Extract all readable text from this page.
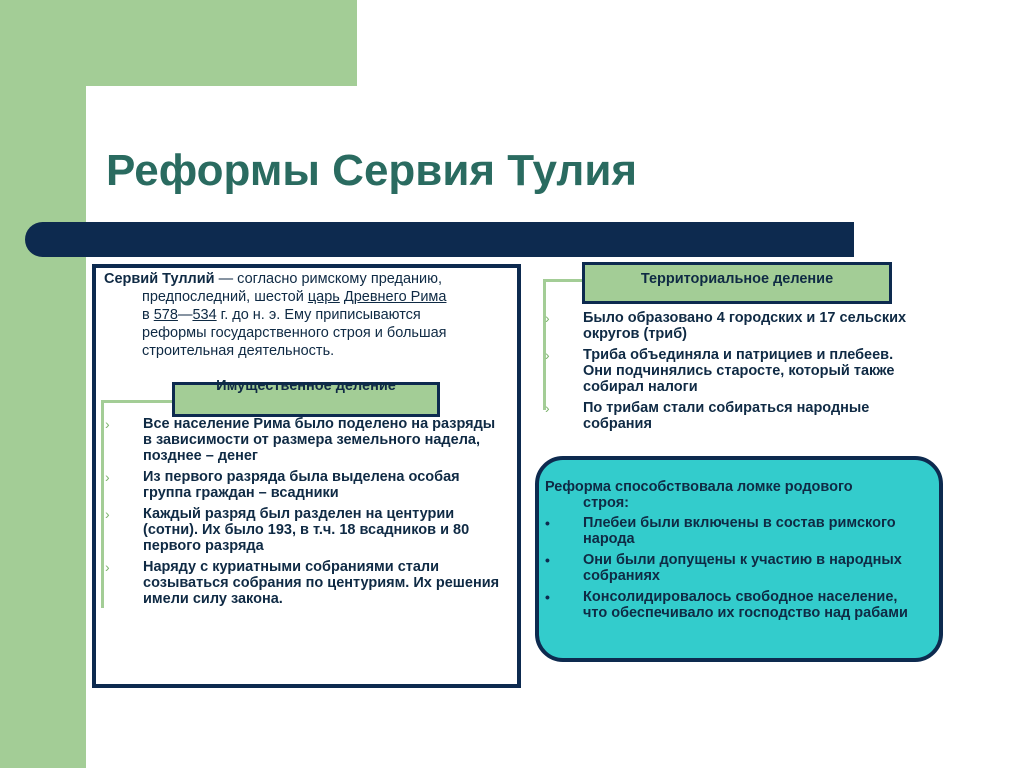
Реформы Сервия Тулия

Сервий Туллий — согласно римскому преданию,

предпоследний, шестой царь Древнего Рима

в 578—534 г. до н. э. Ему приписываются

реформы государственного строя и большая

строительная деятельность.

Имущественное деление
› Все население Рима было поделено на разряды в зависимости от размера земельного надела, позднее – денег
› Из первого разряда была выделена особая группа граждан – всадники
› Каждый разряд был разделен на центурии (сотни). Их было 193, в т.ч. 18 всадников и 80 первого разряда
› Наряду с куриатными собраниями стали созываться собрания по центуриям. Их решения имели силу закона.
Территориальное деление
› Было образовано 4 городских и 17 сельских округов (триб)
› Триба объединяла и патрициев и плебеев. Они подчинялись старосте, который также собирал налоги
› По трибам стали собираться народные собрания

Реформа способствовала ломке родового
строя:

• Плебеи были включены в состав римского народа
• Они были допущены к участию в народных собраниях
• Консолидировалось свободное население, что обеспечивало их господство над рабами
